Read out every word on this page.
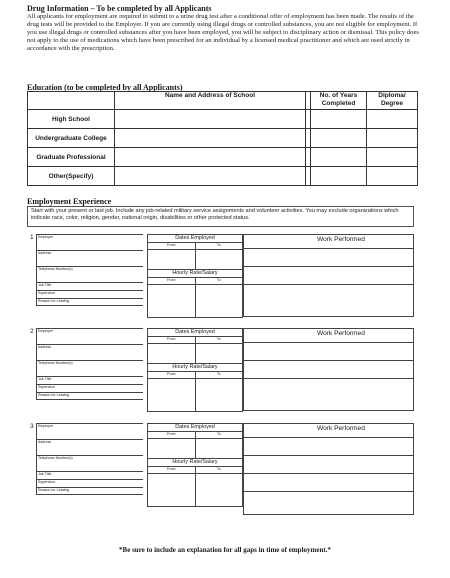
Drug Information – To be completed by all Applicants
All applicants for employment are required to submit to a urine drug test after a conditional offer of employment has been made. The results of the drug tests will be provided to the Employer. If you are currently using illegal drugs or controlled substances, you are not eligible for employment. If you use illegal drugs or controlled substances after you have been employed, you will be subject to disciplinary action or dismissal. This policy does not apply to the use of medications which have been prescribed for an individual by a licensed medical practitioner and which are used strictly in accordance with the prescription.
Education (to be completed by all Applicants)
	Name and Address of School		No. of Years Completed	Diploma/ Degree
High School				
Undergraduate College				
Graduate Professional				
Other(Specify)				
Employment Experience
Start with your present or last job. Include any job-related military service assignments and volunteer activities. You may exclude organizations which indicate race, color, religion, gender, national origin, disabilities or other protected status.
1	Employer
Address
Telephone Number(s)
Job Title
Supervisor
Reason for Leaving
Dates Employed
From	To
Hourly Rate/Salary
From	To
Work Performed
2	Employer
Address
Telephone Number(s)
Job Title
Supervisor
Reason for Leaving
Dates Employed
From	To
Hourly Rate/Salary
From	To
Work Performed
3	Employer
Address
Telephone Number(s)
Job Title
Supervisor
Reason for Leaving
Dates Employed
From	To
Hourly Rate/Salary
From	To
Work Performed
*Be sure to include an explanation for all gaps in time of employment.*
